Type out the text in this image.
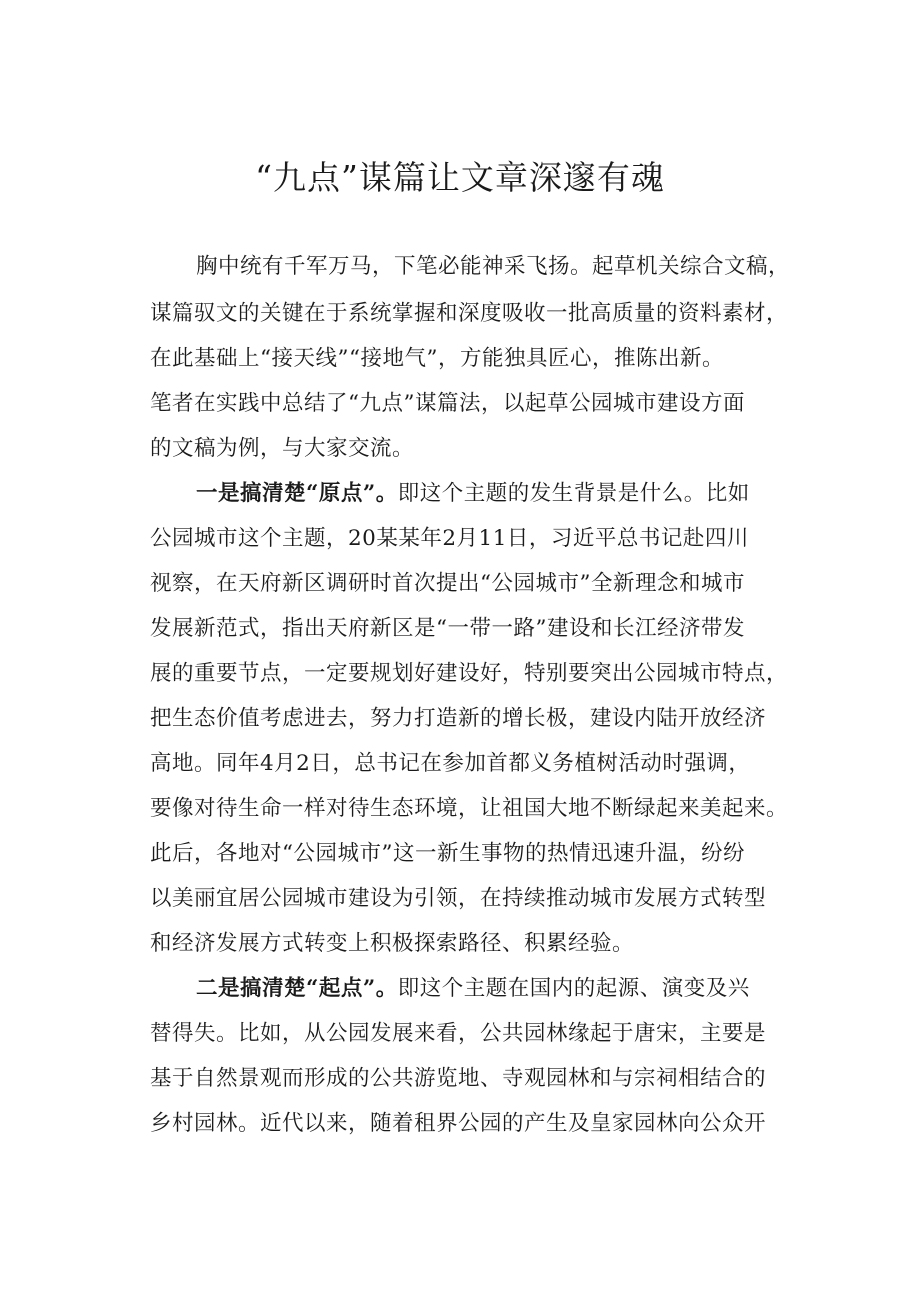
“九点”谋篇让文章深邃有魂

胸中统有千军万马，下笔必能神采飞扬。起草机关综合文稿，

谋篇驭文的关键在于系统掌握和深度吸收一批高质量的资料素材，

在此基础上“接天线”“接地气”，方能独具匠心，推陈出新。

笔者在实践中总结了“九点”谋篇法，以起草公园城市建设方面

的文稿为例，与大家交流。

一是搞清楚“原点”。即这个主题的发生背景是什么。比如

公园城市这个主题，20某某年2月11日，习近平总书记赴四川

视察，在天府新区调研时首次提出“公园城市”全新理念和城市

发展新范式，指出天府新区是“一带一路”建设和长江经济带发

展的重要节点，一定要规划好建设好，特别要突出公园城市特点，

把生态价值考虑进去，努力打造新的增长极，建设内陆开放经济

高地。同年4月2日，总书记在参加首都义务植树活动时强调，

要像对待生命一样对待生态环境，让祖国大地不断绿起来美起来。

此后，各地对“公园城市”这一新生事物的热情迅速升温，纷纷

以美丽宜居公园城市建设为引领，在持续推动城市发展方式转型

和经济发展方式转变上积极探索路径、积累经验。

二是搞清楚“起点”。即这个主题在国内的起源、演变及兴

替得失。比如，从公园发展来看，公共园林缘起于唐宋，主要是

基于自然景观而形成的公共游览地、寺观园林和与宗祠相结合的

乡村园林。近代以来，随着租界公园的产生及皇家园林向公众开
